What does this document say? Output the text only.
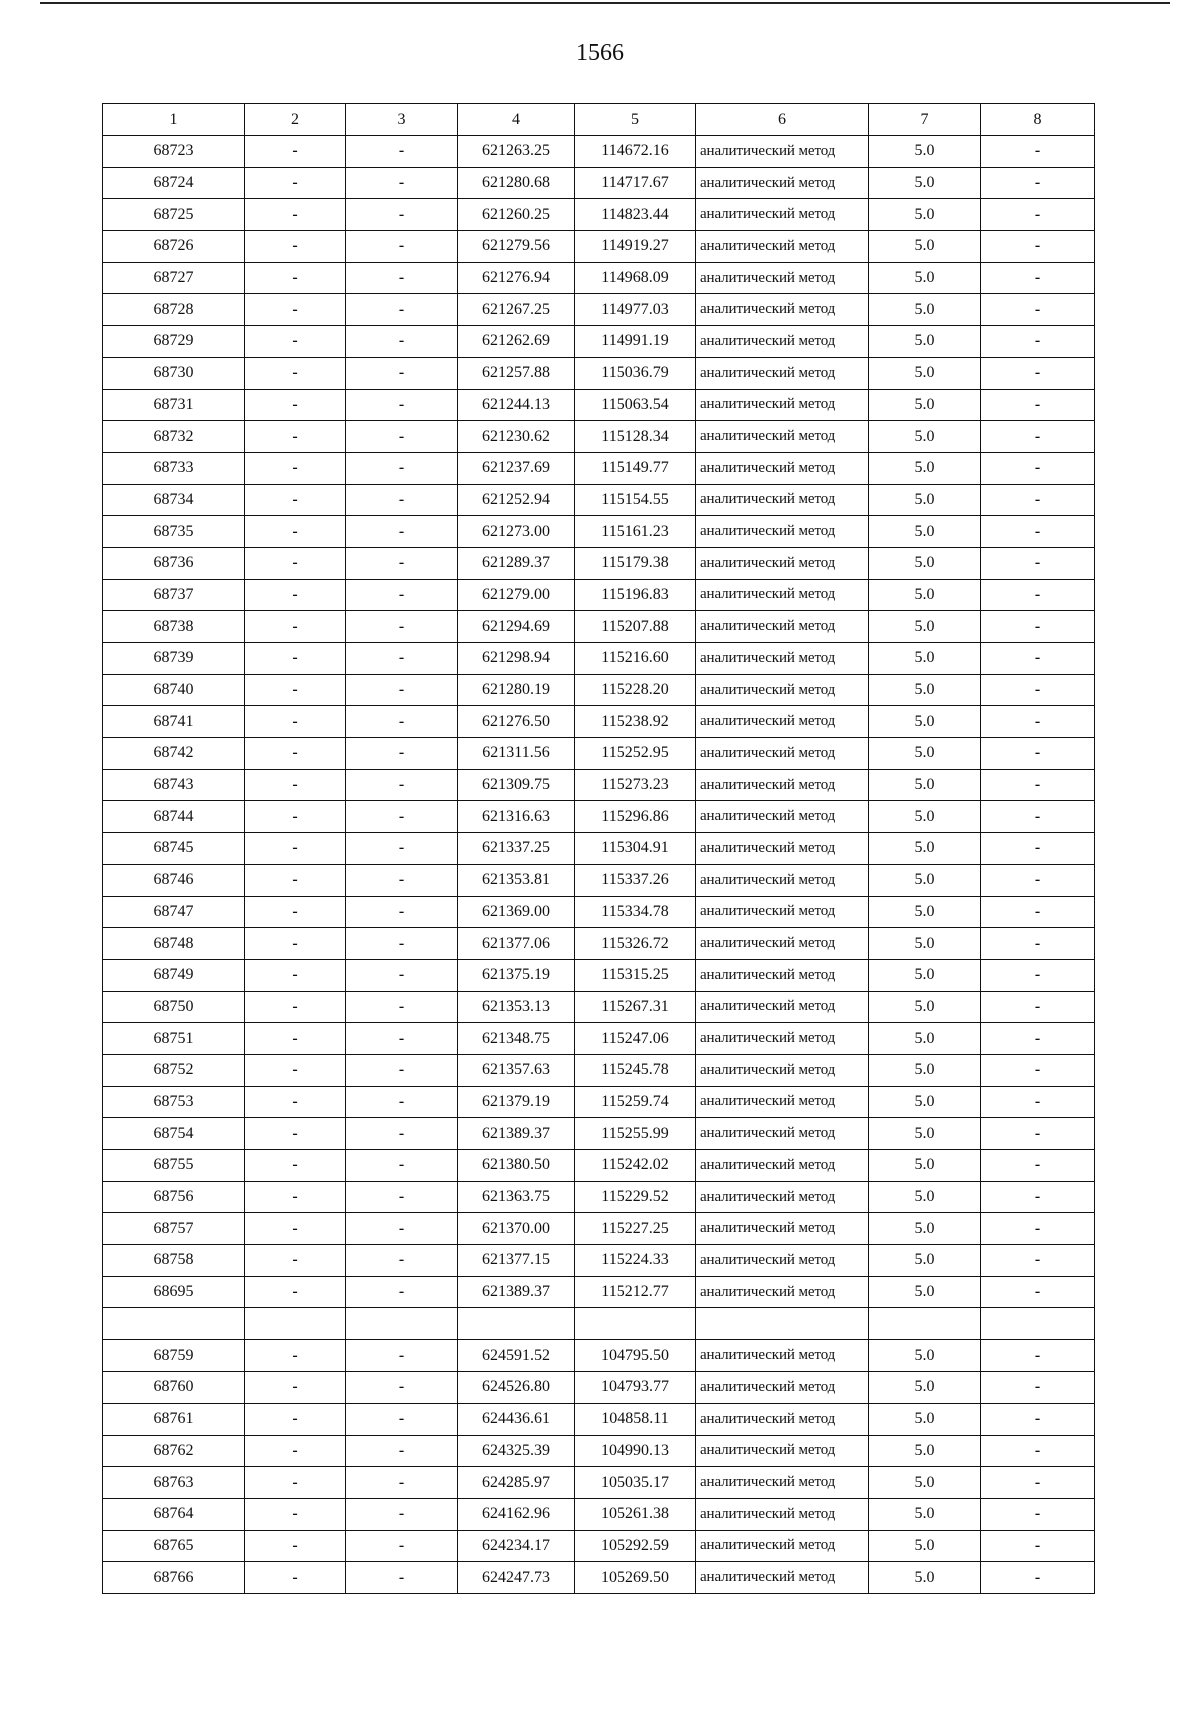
1566
1	2	3	4	5	6	7	8
68723	-	-	621263.25	114672.16	аналитический метод	5.0	-
68724	-	-	621280.68	114717.67	аналитический метод	5.0	-
68725	-	-	621260.25	114823.44	аналитический метод	5.0	-
68726	-	-	621279.56	114919.27	аналитический метод	5.0	-
68727	-	-	621276.94	114968.09	аналитический метод	5.0	-
68728	-	-	621267.25	114977.03	аналитический метод	5.0	-
68729	-	-	621262.69	114991.19	аналитический метод	5.0	-
68730	-	-	621257.88	115036.79	аналитический метод	5.0	-
68731	-	-	621244.13	115063.54	аналитический метод	5.0	-
68732	-	-	621230.62	115128.34	аналитический метод	5.0	-
68733	-	-	621237.69	115149.77	аналитический метод	5.0	-
68734	-	-	621252.94	115154.55	аналитический метод	5.0	-
68735	-	-	621273.00	115161.23	аналитический метод	5.0	-
68736	-	-	621289.37	115179.38	аналитический метод	5.0	-
68737	-	-	621279.00	115196.83	аналитический метод	5.0	-
68738	-	-	621294.69	115207.88	аналитический метод	5.0	-
68739	-	-	621298.94	115216.60	аналитический метод	5.0	-
68740	-	-	621280.19	115228.20	аналитический метод	5.0	-
68741	-	-	621276.50	115238.92	аналитический метод	5.0	-
68742	-	-	621311.56	115252.95	аналитический метод	5.0	-
68743	-	-	621309.75	115273.23	аналитический метод	5.0	-
68744	-	-	621316.63	115296.86	аналитический метод	5.0	-
68745	-	-	621337.25	115304.91	аналитический метод	5.0	-
68746	-	-	621353.81	115337.26	аналитический метод	5.0	-
68747	-	-	621369.00	115334.78	аналитический метод	5.0	-
68748	-	-	621377.06	115326.72	аналитический метод	5.0	-
68749	-	-	621375.19	115315.25	аналитический метод	5.0	-
68750	-	-	621353.13	115267.31	аналитический метод	5.0	-
68751	-	-	621348.75	115247.06	аналитический метод	5.0	-
68752	-	-	621357.63	115245.78	аналитический метод	5.0	-
68753	-	-	621379.19	115259.74	аналитический метод	5.0	-
68754	-	-	621389.37	115255.99	аналитический метод	5.0	-
68755	-	-	621380.50	115242.02	аналитический метод	5.0	-
68756	-	-	621363.75	115229.52	аналитический метод	5.0	-
68757	-	-	621370.00	115227.25	аналитический метод	5.0	-
68758	-	-	621377.15	115224.33	аналитический метод	5.0	-
68695	-	-	621389.37	115212.77	аналитический метод	5.0	-

68759	-	-	624591.52	104795.50	аналитический метод	5.0	-
68760	-	-	624526.80	104793.77	аналитический метод	5.0	-
68761	-	-	624436.61	104858.11	аналитический метод	5.0	-
68762	-	-	624325.39	104990.13	аналитический метод	5.0	-
68763	-	-	624285.97	105035.17	аналитический метод	5.0	-
68764	-	-	624162.96	105261.38	аналитический метод	5.0	-
68765	-	-	624234.17	105292.59	аналитический метод	5.0	-
68766	-	-	624247.73	105269.50	аналитический метод	5.0	-
